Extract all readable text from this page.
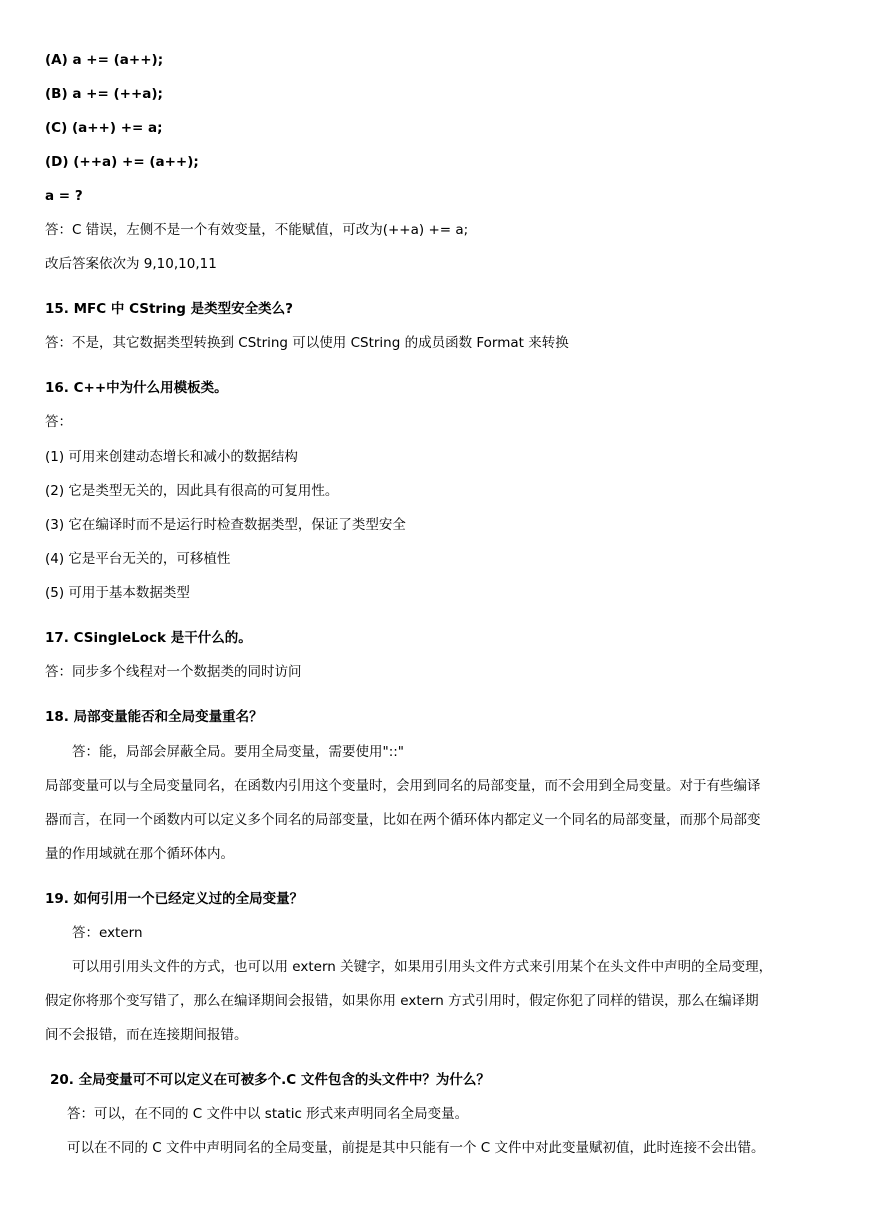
(A) a += (a++);
(B) a += (++a);
(C) (a++) += a;
(D) (++a) += (a++);
a = ?
答：C 错误，左侧不是一个有效变量，不能赋值，可改为(++a) += a;
改后答案依次为 9,10,10,11
15. MFC 中 CString 是类型安全类么?
答：不是，其它数据类型转换到 CString 可以使用 CString 的成员函数 Format 来转换
16. C++中为什么用模板类。
答：
(1) 可用来创建动态增长和减小的数据结构
(2) 它是类型无关的，因此具有很高的可复用性。
(3) 它在编译时而不是运行时检查数据类型，保证了类型安全
(4) 它是平台无关的，可移植性
(5) 可用于基本数据类型
17. CSingleLock 是干什么的。
答：同步多个线程对一个数据类的同时访问
18. 局部变量能否和全局变量重名？
答：能，局部会屏蔽全局。要用全局变量，需要使用"::"
局部变量可以与全局变量同名，在函数内引用这个变量时，会用到同名的局部变量，而不会用到全局变量。对于有些编译
器而言，在同一个函数内可以定义多个同名的局部变量，比如在两个循环体内都定义一个同名的局部变量，而那个局部变
量的作用域就在那个循环体内。
19. 如何引用一个已经定义过的全局变量？
答：extern
可以用引用头文件的方式，也可以用 extern 关键字，如果用引用头文件方式来引用某个在头文件中声明的全局变理，
假定你将那个变写错了，那么在编译期间会报错，如果你用 extern 方式引用时，假定你犯了同样的错误，那么在编译期
间不会报错，而在连接期间报错。
20. 全局变量可不可以定义在可被多个.C 文件包含的头文件中？为什么？
答：可以，在不同的 C 文件中以 static 形式来声明同名全局变量。
可以在不同的 C 文件中声明同名的全局变量，前提是其中只能有一个 C 文件中对此变量赋初值，此时连接不会出错。
